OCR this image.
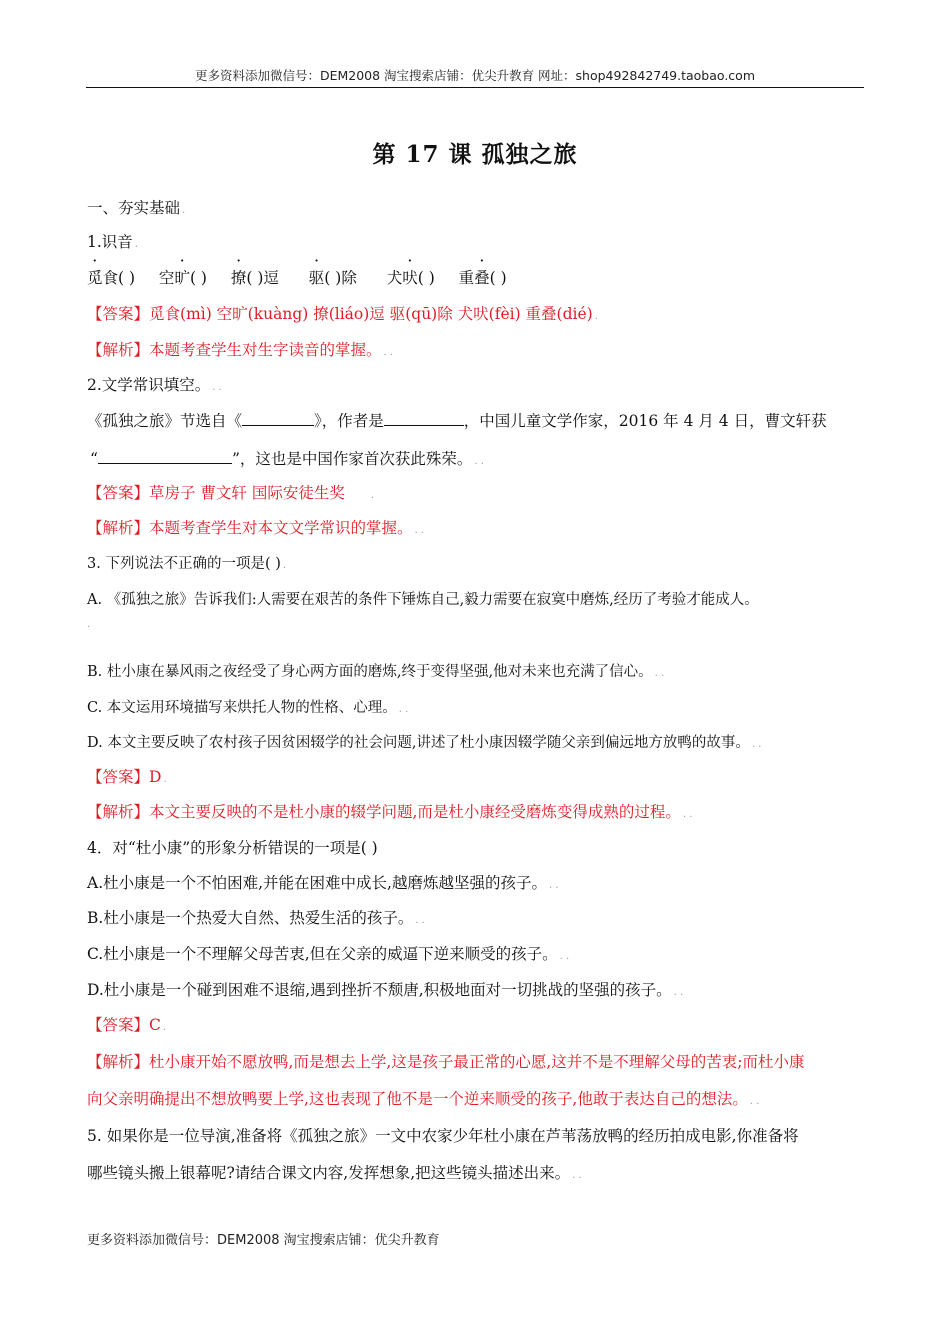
更多资料添加微信号：DEM2008 淘宝搜索店铺：优尖升教育 网址：shop492842749.taobao.com
第 17 课 孤独之旅
一、夯实基础 .
1.识音 .
觅食( ) 空旷( ) 撩( )逗 驱( )除 犬吠( ) 重叠( )
【答案】觅食(mì) 空旷(kuàng) 撩(liáo)逗 驱(qū)除 犬吠(fèi) 重叠(dié) .
【解析】本题考查学生对生字读音的掌握。 . .
2.文学常识填空。 . .
《孤独之旅》节选自《	》，作者是	，中国儿童文学作家，2016 年 4 月 4 日，曹文轩获
“	”，这也是中国作家首次获此殊荣。 . .
【答案】草房子 曹文轩 国际安徒生奖	.
【解析】本题考查学生对本文文学常识的掌握。 . .
3. 下列说法不正确的一项是( ) .
A. 《孤独之旅》告诉我们:人需要在艰苦的条件下锤炼自己,毅力需要在寂寞中磨炼,经历了考验才能成人。
.
B. 杜小康在暴风雨之夜经受了身心两方面的磨炼,终于变得坚强,他对未来也充满了信心。 . .
C. 本文运用环境描写来烘托人物的性格、心理。 . .
D. 本文主要反映了农村孩子因贫困辍学的社会问题,讲述了杜小康因辍学随父亲到偏远地方放鸭的故事。 . .
【答案】D .
【解析】本文主要反映的不是杜小康的辍学问题,而是杜小康经受磨炼变得成熟的过程。 . .
4．对“杜小康”的形象分析错误的一项是( )
A.杜小康是一个不怕困难,并能在困难中成长,越磨炼越坚强的孩子。 . .
B.杜小康是一个热爱大自然、热爱生活的孩子。 . .
C.杜小康是一个不理解父母苦衷,但在父亲的威逼下逆来顺受的孩子。 . .
D.杜小康是一个碰到困难不退缩,遇到挫折不颓唐,积极地面对一切挑战的坚强的孩子。 . .
【答案】C .
【解析】杜小康开始不愿放鸭,而是想去上学,这是孩子最正常的心愿,这并不是不理解父母的苦衷;而杜小康
向父亲明确提出不想放鸭要上学,这也表现了他不是一个逆来顺受的孩子,他敢于表达自己的想法。 . .
5. 如果你是一位导演,准备将《孤独之旅》一文中农家少年杜小康在芦苇荡放鸭的经历拍成电影,你准备将
哪些镜头搬上银幕呢?请结合课文内容,发挥想象,把这些镜头描述出来。 . .
更多资料添加微信号：DEM2008 淘宝搜索店铺：优尖升教育
